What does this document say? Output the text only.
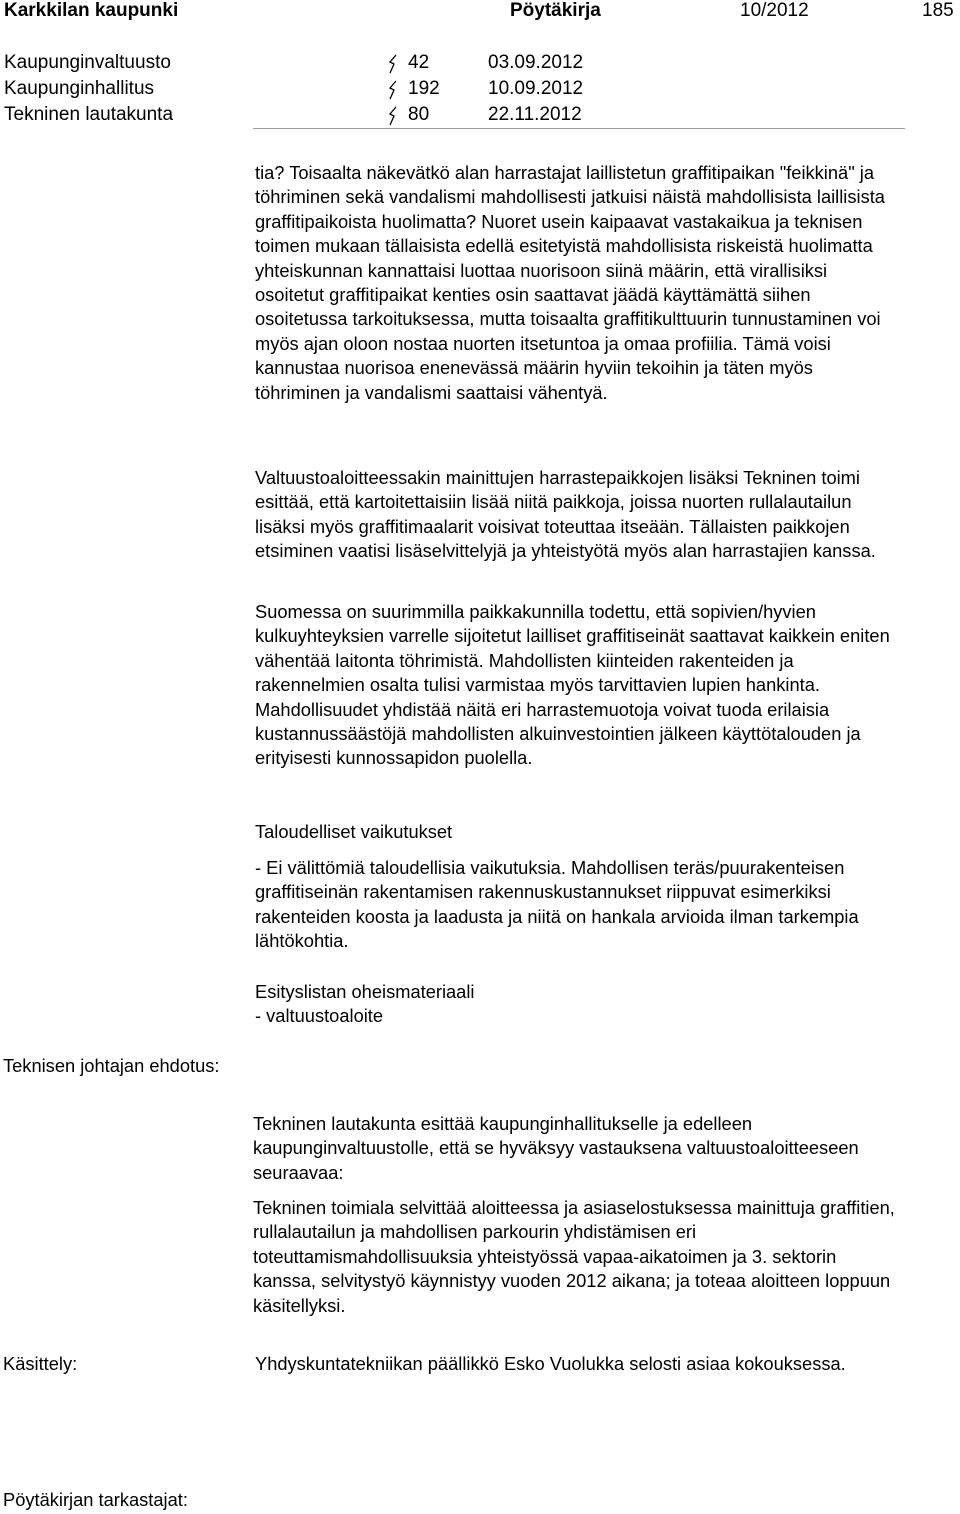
Karkkilan kaupunki	Pöytäkirja	10/2012	185
Kaupunginvaltuusto	42	03.09.2012
Kaupunginhallitus	192	10.09.2012
Tekninen lautakunta	80	22.11.2012

tia? Toisaalta näkevätkö alan harrastajat laillistetun graffitipaikan "feikkinä" ja töhriminen sekä vandalismi mahdollisesti jatkuisi näistä mahdollisista laillisista graffitipaikoista huolimatta? Nuoret usein kaipaavat vastakaikua ja teknisen toimen mukaan tällaisista edellä esitetyistä mahdollisista riskeistä huolimatta yhteiskunnan kannattaisi luottaa nuorisoon siinä määrin, että virallisiksi osoitetut graffitipaikat kenties osin saattavat jäädä käyttämättä siihen osoitetussa tarkoituksessa, mutta toisaalta graffitikulttuurin tunnustaminen voi myös ajan oloon nostaa nuorten itsetuntoa ja omaa profiilia. Tämä voisi kannustaa nuorisoa enenevässä määrin hyviin tekoihin ja täten myös töhriminen ja vandalismi saattaisi vähentyä.

Valtuustoaloitteessakin mainittujen harrastepaikkojen lisäksi Tekninen toimi esittää, että kartoitettaisiin lisää niitä paikkoja, joissa nuorten rullalautailun lisäksi myös graffitimaalarit voisivat toteuttaa itseään. Tällaisten paikkojen etsiminen vaatisi lisäselvittelyjä ja yhteistyötä myös alan harrastajien kanssa.

Suomessa on suurimmilla paikkakunnilla todettu, että sopivien/hyvien kulkuyhteyksien varrelle sijoitetut lailliset graffitiseinät saattavat kaikkein eniten vähentää laitonta töhrimistä. Mahdollisten kiinteiden rakenteiden ja rakennelmien osalta tulisi varmistaa myös tarvittavien lupien hankinta. Mahdollisuudet yhdistää näitä eri harrastemuotoja voivat tuoda erilaisia kustannussäästöjä mahdollisten alkuinvestointien jälkeen käyttötalouden ja erityisesti kunnossapidon puolella.

Taloudelliset vaikutukset

- Ei välittömiä taloudellisia vaikutuksia. Mahdollisen teräs/puurakenteisen graffitiseinän rakentamisen rakennuskustannukset riippuvat esimerkiksi rakenteiden koosta ja laadusta ja niitä on hankala arvioida ilman tarkempia lähtökohtia.

Esityslistan oheismateriaali

- valtuustoaloite

Teknisen johtajan ehdotus:

Tekninen lautakunta esittää kaupunginhallitukselle ja edelleen kaupunginvaltuustolle, että se hyväksyy vastauksena valtuustoaloitteeseen seuraavaa:

Tekninen toimiala selvittää aloitteessa ja asiaselostuksessa mainittuja graffitien, rullalautailun ja mahdollisen parkourin yhdistämisen eri toteuttamismahdollisuuksia yhteistyössä vapaa-aikatoimen ja 3. sektorin kanssa, selvitystyö käynnistyy vuoden 2012 aikana; ja toteaa aloitteen loppuun käsitellyksi.

Käsittely:	Yhdyskuntatekniikan päällikkö Esko Vuolukka selosti asiaa kokouksessa.

Pöytäkirjan tarkastajat:
